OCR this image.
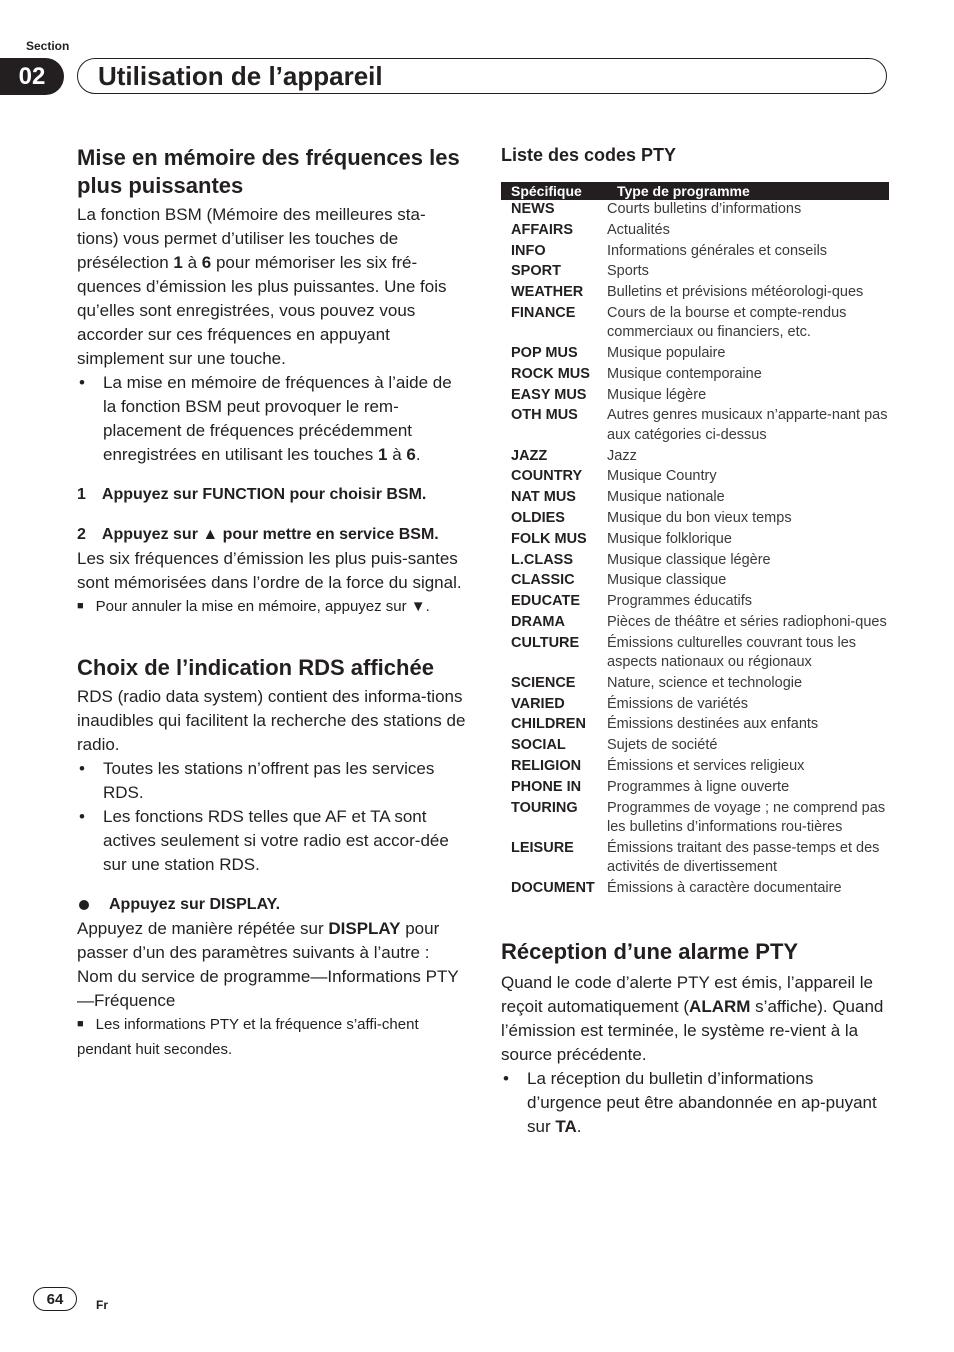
Section
02	Utilisation de l’appareil
Mise en mémoire des fréquences les plus puissantes

La fonction BSM (Mémoire des meilleures sta-tions) vous permet d’utiliser les touches de présélection 1 à 6 pour mémoriser les six fré-quences d’émission les plus puissantes. Une fois qu’elles sont enregistrées, vous pouvez vous accorder sur ces fréquences en appuyant simplement sur une touche.

• La mise en mémoire de fréquences à l’aide de la fonction BSM peut provoquer le rem-placement de fréquences précédemment enregistrées en utilisant les touches 1 à 6.

1 Appuyez sur FUNCTION pour choisir BSM.

2 Appuyez sur ▲ pour mettre en service BSM.

Les six fréquences d’émission les plus puis-santes sont mémorisées dans l’ordre de la force du signal.

■ Pour annuler la mise en mémoire, appuyez sur ▼.
Choix de l’indication RDS affichée

RDS (radio data system) contient des informa-tions inaudibles qui facilitent la recherche des stations de radio.

• Toutes les stations n’offrent pas les services RDS.
• Les fonctions RDS telles que AF et TA sont actives seulement si votre radio est accor-dée sur une station RDS.
Appuyez sur DISPLAY.

Appuyez de manière répétée sur DISPLAY pour passer d’un des paramètres suivants à l’autre :

Nom du service de programme—Informations PTY—Fréquence

■ Les informations PTY et la fréquence s’affi-chent pendant huit secondes.
Liste des codes PTY
Spécifique	Type de programme
NEWS	Courts bulletins d’informations
AFFAIRS	Actualités
INFO	Informations générales et conseils
SPORT	Sports
WEATHER	Bulletins et prévisions météorologi-ques
FINANCE	Cours de la bourse et compte-rendus commerciaux ou financiers, etc.
POP MUS	Musique populaire
ROCK MUS	Musique contemporaine
EASY MUS	Musique légère
OTH MUS	Autres genres musicaux n’apparte-nant pas aux catégories ci-dessus
JAZZ	Jazz
COUNTRY	Musique Country
NAT MUS	Musique nationale
OLDIES	Musique du bon vieux temps
FOLK MUS	Musique folklorique
L.CLASS	Musique classique légère
CLASSIC	Musique classique
EDUCATE	Programmes éducatifs
DRAMA	Pièces de théâtre et séries radiophoni-ques
CULTURE	Émissions culturelles couvrant tous les aspects nationaux ou régionaux
SCIENCE	Nature, science et technologie
VARIED	Émissions de variétés
CHILDREN	Émissions destinées aux enfants
SOCIAL	Sujets de société
RELIGION	Émissions et services religieux
PHONE IN	Programmes à ligne ouverte
TOURING	Programmes de voyage ; ne comprend pas les bulletins d’informations rou-tières
LEISURE	Émissions traitant des passe-temps et des activités de divertissement
DOCUMENT	Émissions à caractère documentaire
Réception d’une alarme PTY

Quand le code d’alerte PTY est émis, l’appareil le reçoit automatiquement (ALARM s’affiche). Quand l’émission est terminée, le système re-vient à la source précédente.

• La réception du bulletin d’informations d’urgence peut être abandonnée en ap-puyant sur TA.
64	Fr
